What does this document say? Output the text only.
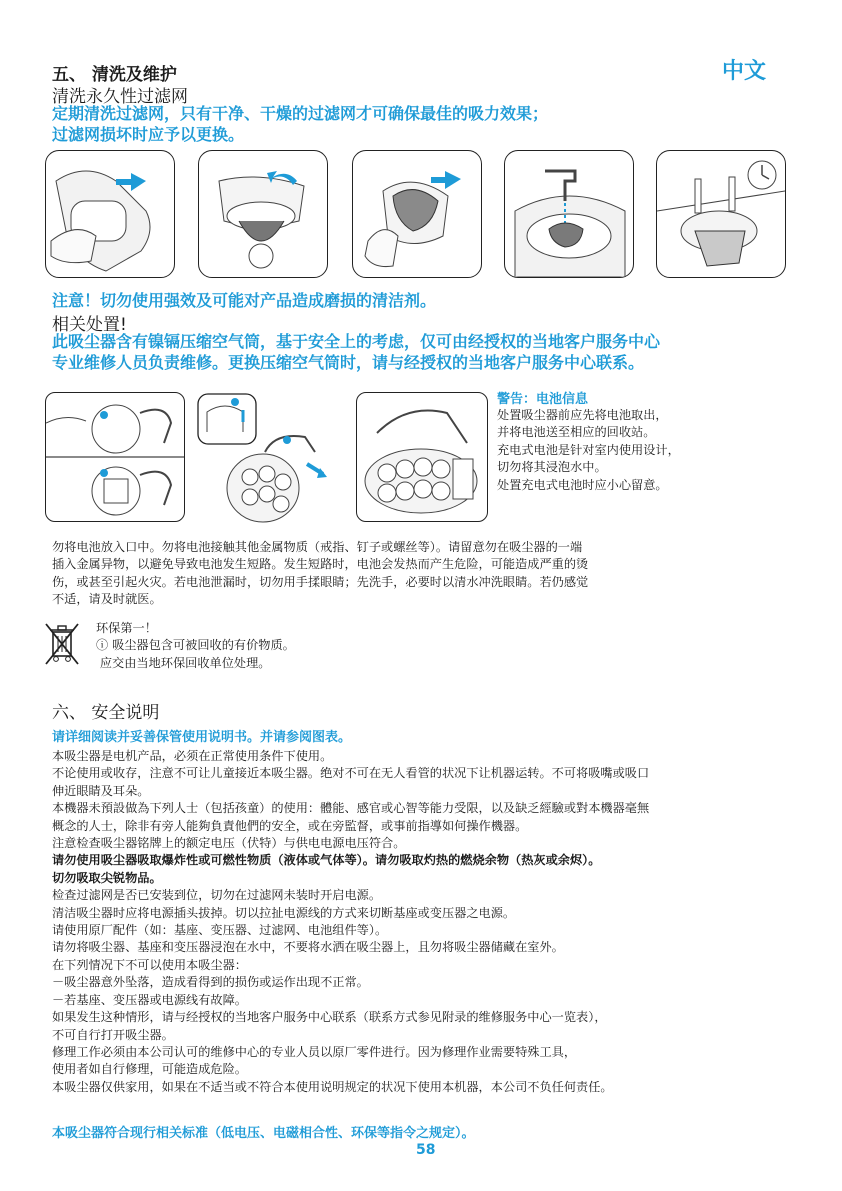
五、 清洗及维护	中文
清洗永久性过滤网
定期清洗过滤网，只有干净、干燥的过滤网才可确保最佳的吸力效果；
过滤网损坏时应予以更换。
注意！切勿使用强效及可能对产品造成磨损的清洁剂。
相关处置!
此吸尘器含有镍镉压缩空气筒，基于安全上的考虑，仅可由经授权的当地客户服务中心
专业维修人员负责维修。更换压缩空气筒时，请与经授权的当地客户服务中心联系。
警告：电池信息
处置吸尘器前应先将电池取出，
并将电池送至相应的回收站。
充电式电池是针对室内使用设计，
切勿将其浸泡水中。
处置充电式电池时应小心留意。
勿将电池放入口中。勿将电池接触其他金属物质（戒指、钉子或螺丝等）。请留意勿在吸尘器的一端
插入金属异物，以避免导致电池发生短路。发生短路时，电池会发热而产生危险，可能造成严重的烫
伤，或甚至引起火灾。若电池泄漏时，切勿用手揉眼睛；先洗手，必要时以清水冲洗眼睛。若仍感觉
不适，请及时就医。
环保第一！
ⓘ 吸尘器包含可被回收的有价物质。
应交由当地环保回收单位处理。
六、 安全说明
请详细阅读并妥善保管使用说明书。并请参阅图表。
本吸尘器是电机产品，必须在正常使用条件下使用。
不论使用或收存，注意不可让儿童接近本吸尘器。绝对不可在无人看管的状况下让机器运转。不可将吸嘴或吸口
伸近眼睛及耳朵。
本機器未預設做為下列人士（包括孩童）的使用：體能、感官或心智等能力受限，以及缺乏經驗或對本機器毫無
概念的人士，除非有旁人能夠負責他們的安全，或在旁監督，或事前指導如何操作機器。
注意检查吸尘器铭牌上的额定电压（伏特）与供电电源电压符合。
请勿使用吸尘器吸取爆炸性或可燃性物质（液体或气体等）。请勿吸取灼热的燃烧余物（热灰或余烬）。
切勿吸取尖锐物品。
检查过滤网是否已安装到位，切勿在过滤网未装时开启电源。
清洁吸尘器时应将电源插头拔掉。切以拉扯电源线的方式来切断基座或变压器之电源。
请使用原厂配件（如：基座、变压器、过滤网、电池组件等）。
请勿将吸尘器、基座和变压器浸泡在水中，不要将水洒在吸尘器上，且勿将吸尘器储藏在室外。
在下列情况下不可以使用本吸尘器：
－吸尘器意外坠落，造成看得到的损伤或运作出现不正常。
－若基座、变压器或电源线有故障。
如果发生这种情形，请与经授权的当地客户服务中心联系（联系方式参见附录的维修服务中心一览表），
不可自行打开吸尘器。
修理工作必须由本公司认可的维修中心的专业人员以原厂零件进行。因为修理作业需要特殊工具，
使用者如自行修理，可能造成危险。
本吸尘器仅供家用，如果在不适当或不符合本使用说明规定的状况下使用本机器，本公司不负任何责任。
本吸尘器符合现行相关标准（低电压、电磁相合性、环保等指令之规定）。
58
